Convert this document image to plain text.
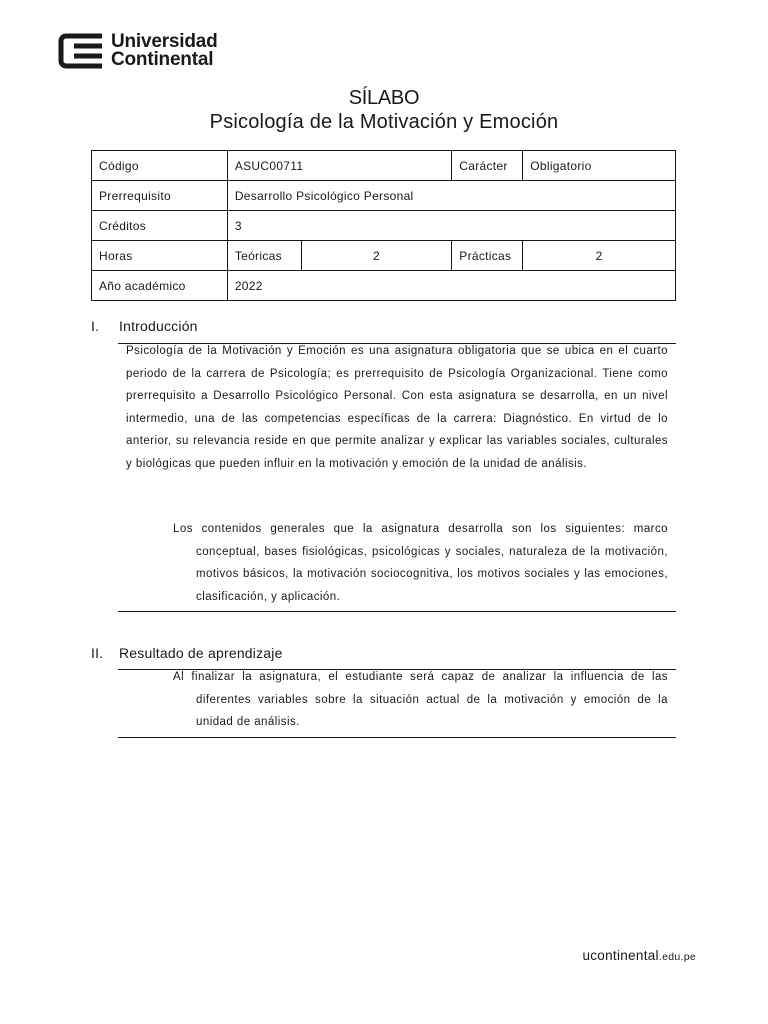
Universidad
Continental
SÍLABO
Psicología de la Motivación y Emoción
Código	ASUC00711		Carácter	Obligatorio
Prerrequisito	Desarrollo Psicológico Personal			
Créditos	3			
Horas	Teóricas	2	Prácticas	2
Año académico	2022			
I. Introducción
Psicología de la Motivación y Emoción es una asignatura obligatoria que se ubica en el cuarto periodo de la carrera de Psicología; es prerrequisito de Psicología Organizacional. Tiene como prerrequisito a Desarrollo Psicológico Personal. Con esta asignatura se desarrolla, en un nivel intermedio, una de las competencias específicas de la carrera: Diagnóstico. En virtud de lo anterior, su relevancia reside en que permite analizar y explicar las variables sociales, culturales y biológicas que pueden influir en la motivación y emoción de la unidad de análisis.
Los contenidos generales que la asignatura desarrolla son los siguientes: marco conceptual, bases fisiológicas, psicológicas y sociales, naturaleza de la motivación, motivos básicos, la motivación sociocognitiva, los motivos sociales y las emociones, clasificación, y aplicación.
II. Resultado de aprendizaje
Al finalizar la asignatura, el estudiante será capaz de analizar la influencia de las diferentes variables sobre la situación actual de la motivación y emoción de la unidad de análisis.
ucontinental.edu.pe
